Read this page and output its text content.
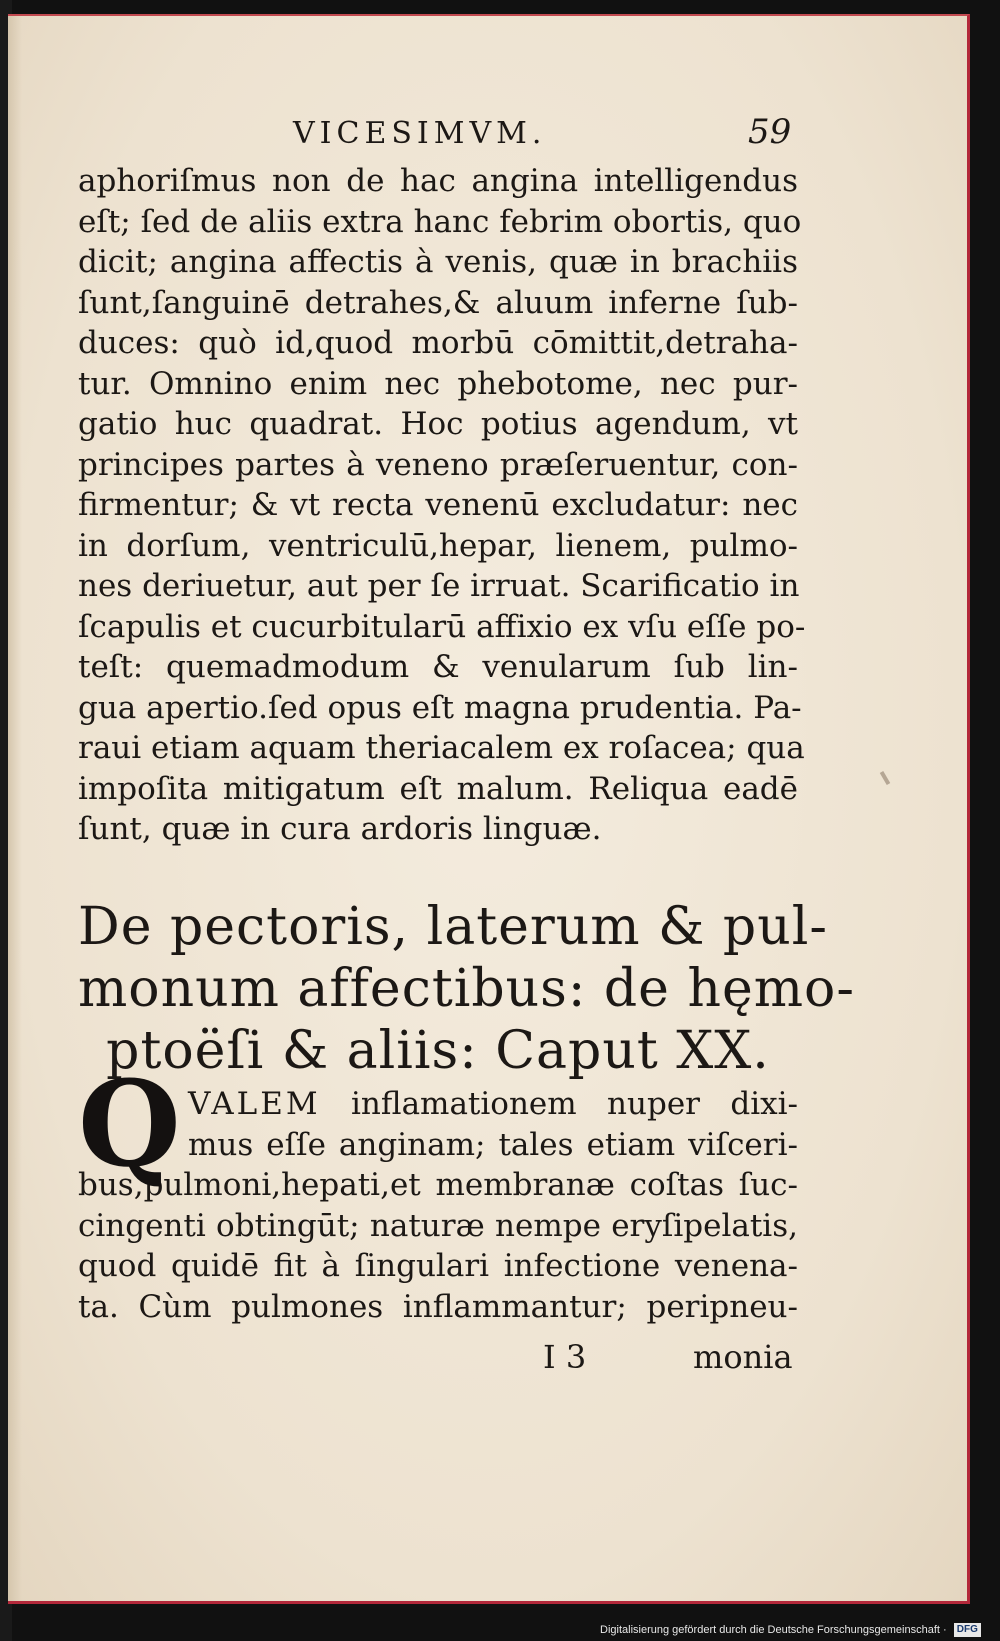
VICESIMVM.	59
aphoriſmus non de hac angina intelligendus
eſt; ſed de aliis extra hanc febrim obortis, quo
dicit; angina affectis à venis, quæ in brachiis
ſunt,ſanguinē detrahes,& aluum inferne ſub-
duces: quò id,quod morbū cōmittit,detraha-
tur. Omnino enim nec phebotome, nec pur-
gatio huc quadrat. Hoc potius agendum, vt
principes partes à veneno præſeruentur, con-
firmentur; & vt recta venenū excludatur: nec
in dorſum, ventriculū,hepar, lienem, pulmo-
nes deriuetur, aut per ſe irruat. Scarificatio in
ſcapulis et cucurbitularū affixio ex vſu eſſe po-
teſt: quemadmodum & venularum ſub lin-
gua apertio.ſed opus eſt magna prudentia. Pa-
raui etiam aquam theriacalem ex roſacea; qua
impoſita mitigatum eſt malum. Reliqua eadē
ſunt, quæ in cura ardoris linguæ.
De pectoris, laterum & pul-
monum affectibus: de hęmo-
ptoëſi & aliis: Caput XX.
Q VALEM inflamationem nuper dixi-
mus eſſe anginam; tales etiam viſceri-
bus,pulmoni,hepati,et membranæ coſtas ſuc-
cingenti obtingūt; naturæ nempe eryſipelatis,
quod quidē fit à ſingulari infectione venena-
ta. Cùm pulmones inflammantur; peripneu-
I 3	monia
Digitalisierung gefördert durch die Deutsche Forschungsgemeinschaft · DFG
